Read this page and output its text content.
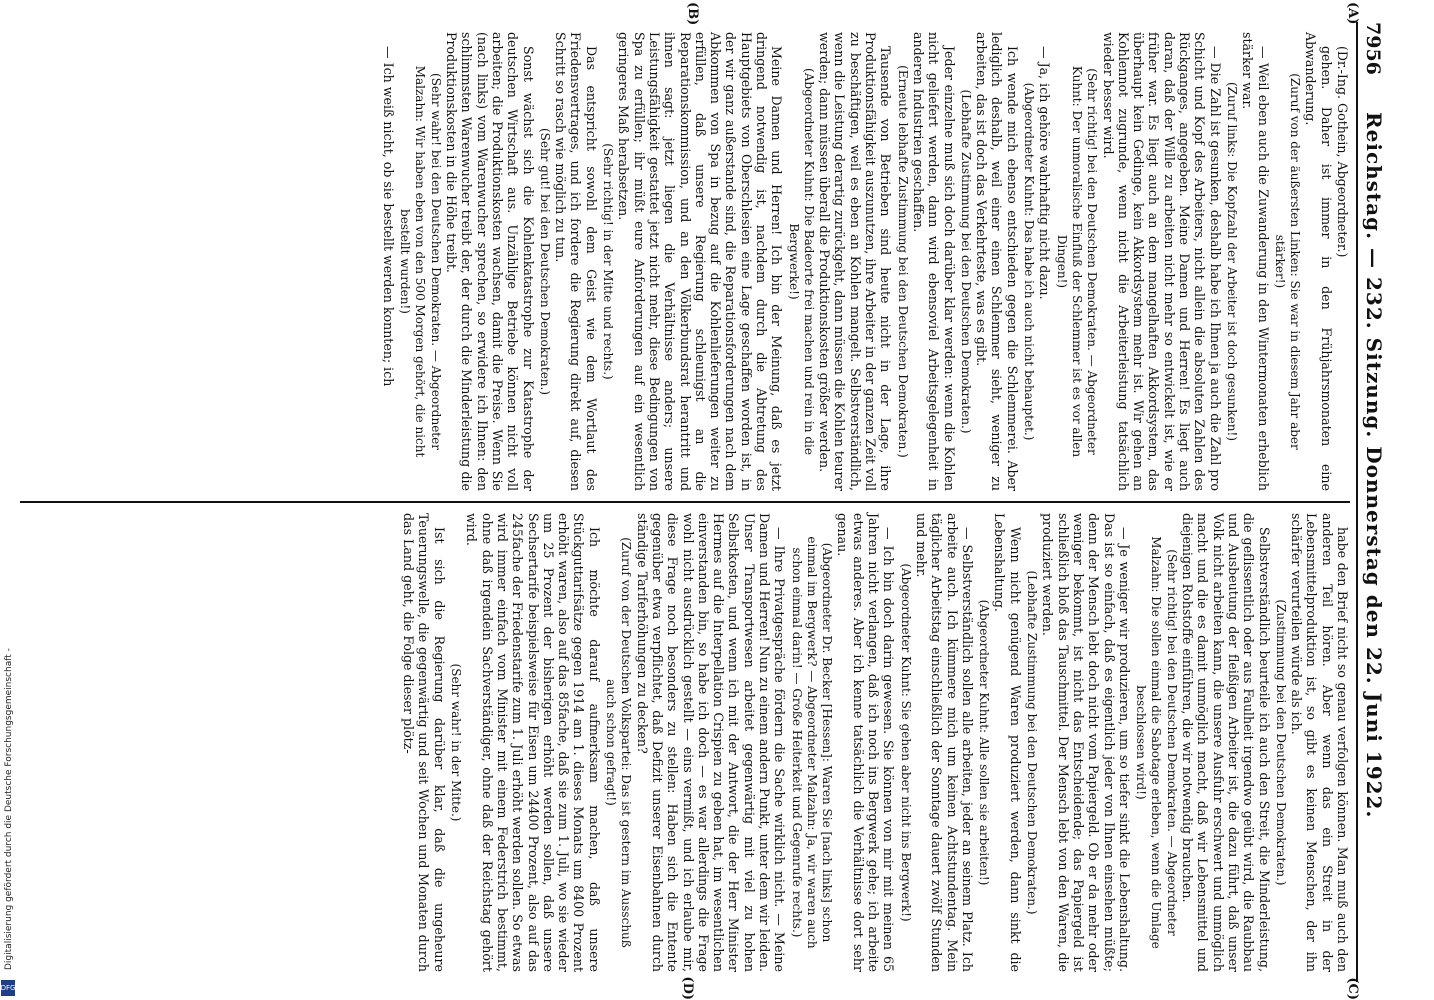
7956
Reichstag. — 232. Sitzung. Donnerstag den 22. Juni 1922.

(Dr.-Ing. Gothein, Abgeordneter.)

gehen. Daher ist immer in den Frühjahrsmonaten eine Abwanderung.

(Zuruf von der äußersten Linken: Sie war in diesem Jahr aber stärker!)

— Weil eben auch die Zuwanderung in den Wintermonaten erheblich stärker war.

(Zuruf links: Die Kopfzahl der Arbeiter ist doch gesunken!)

— Die Zahl ist gesunken, deshalb habe ich Ihnen ja auch die Zahl pro Schicht und Kopf des Arbeiters, nicht allein die absoluten Zahlen des Rückganges, angegeben. Meine Damen und Herren! Es liegt auch daran, daß der Wille zu arbeiten nicht mehr so entwickelt ist, wie er früher war. Es liegt auch an dem mangelhaften Akkordsystem, das überhaupt kein Gedinge, kein Akkordsystem mehr ist. Wir gehen an Kohlennot zugrunde, wenn nicht die Arbeiterleistung tatsächlich wieder besser wird.

(Sehr richtig! bei den Deutschen Demokraten. — Abgeordneter Kuhnt: Der unmoralische Einfluß der Schlemmer ist es vor allen Dingen!)

— Ja, ich gehöre wahrhaftig nicht dazu.

(Abgeordneter Kuhnt: Das habe ich auch nicht behauptet.)

Ich wende mich ebenso entschieden gegen die Schlemmerei. Aber lediglich deshalb, weil einer einen Schlemmer sieht, weniger zu arbeiten, das ist doch das Verkehrteste, was es gibt.

(Lebhafte Zustimmung bei den Deutschen Demokraten.)

Jeder einzelne muß sich doch darüber klar werden: wenn die Kohlen nicht geliefert werden, dann wird ebensoviel Arbeitsgelegenheit in anderen Industrien geschaffen.

(Erneute lebhafte Zustimmung bei den Deutschen Demokraten.)

Tausende von Betrieben sind heute nicht in der Lage, ihre Produktionsfähigkeit auszunutzen, ihre Arbeiter in der ganzen Zeit voll zu beschäftigen, weil es eben an Kohlen mangelt. Selbstverständlich, wenn die Leistung derartig zurückgeht, dann müssen die Kohlen teurer werden; dann müssen überall die Produktionskosten größer werden.

(Abgeordneter Kuhnt: Die Badeorte frei machen und rein in die Bergwerke!)

Meine Damen und Herren! Ich bin der Meinung, daß es jetzt dringend notwendig ist, nachdem durch die Abtretung des Hauptgebiets von Oberschlesien eine Lage geschaffen worden ist, in der wir ganz außerstande sind, die Reparationsforderungen nach dem Abkommen von Spa in bezug auf die Kohlenlieferungen weiter zu erfüllen, daß unsere Regierung schleunigst an die Reparationskommission, und an den Völkerbundsrat herantritt und ihnen sagt: jetzt liegen die Verhältnisse anders; unsere Leistungsfähigkeit gestattet jetzt nicht mehr, diese Bedingungen von Spa zu erfüllen; ihr müßt eure Anforderungen auf ein wesentlich geringeres Maß herabsetzen.

(Sehr richtig! in der Mitte und rechts.)

Das entspricht sowohl dem Geist wie dem Wortlaut des Friedensvertrages, und ich fordere die Regierung direkt auf, diesen Schritt so rasch wie möglich zu tun.

(Sehr gut! bei den Deutschen Demokraten.)

Sonst wächst sich die Kohlenkatastrophe zur Katastrophe der deutschen Wirtschaft aus. Unzählige Betriebe können nicht voll arbeiten; die Produktionskosten wachsen, damit die Preise. Wenn Sie (nach links) vom Warenwucher sprechen, so erwidere ich Ihnen: den schlimmsten Warenwucher treibt der, der durch die Minderleistung die Produktionskosten in die Höhe treibt.

(Sehr wahr! bei den Deutschen Demokraten. — Abgeordneter Malzahn: Wir haben eben von den 500 Morgen gehört, die nicht bestellt wurden!)

— Ich weiß nicht, ob sie bestellt werden konnten; ich

habe den Brief nicht so genau verfolgen können. Man muß auch den anderen Teil hören. Aber wenn das ein Streit in der Lebensmittelproduktion ist, so gibt es keinen Menschen, der ihn schärfer verurteilen würde als ich.

(Zustimmung bei den Deutschen Demokraten.)

Selbstverständlich beurteile ich auch den Streit, die Minderleistung, die geflissentlich oder aus Faulheit irgendwo geübt wird, die Raubbau und Ausbeutung der fleißigen Arbeiter ist, die dazu führt, daß unser Volk nicht arbeiten kann, die unsere Ausfuhr erschwert und unmöglich macht und die es damit unmöglich macht, daß wir Lebensmittel und diejenigen Rohstoffe einführen, die wir notwendig brauchen.

(Sehr richtig! bei den Deutschen Demokraten. — Abgeordneter Malzahn: Die sollen einmal die Sabotage erleben, wenn die Umlage beschlossen wird!)

— Je weniger wir produzieren, um so tiefer sinkt die Lebenshaltung. Das ist so einfach, daß es eigentlich jeder von Ihnen einsehen müßte; denn der Mensch lebt doch nicht vom Papiergeld. Ob er da mehr oder weniger bekommt, ist nicht das Entscheidende; das Papiergeld ist schließlich bloß das Tauschmittel. Der Mensch lebt von den Waren, die produziert werden.

(Lebhafte Zustimmung bei den Deutschen Demokraten.)

Wenn nicht genügend Waren produziert werden, dann sinkt die Lebenshaltung.

(Abgeordneter Kuhnt: Alle sollen sie arbeiten!)

— Selbstverständlich sollen alle arbeiten, jeder an seinem Platz. Ich arbeite auch. Ich kümmere mich um keinen Achtstundentag. Mein täglicher Arbeitstag einschließlich der Sonntage dauert zwölf Stunden und mehr.

(Abgeordneter Kuhnt: Sie gehen aber nicht ins Bergwerk!)

— Ich bin doch darin gewesen. Sie können von mir mit meinen 65 Jahren nicht verlangen, daß ich noch ins Bergwerk gehe; ich arbeite etwas anderes. Aber ich kenne tatsächlich die Verhältnisse dort sehr genau.

(Abgeordneter Dr. Becker [Hessen]: Waren Sie [nach links] schon einmal im Bergwerk? — Abgeordneter Malzahn: Ja, wir waren auch schon einmal darin! — Große Heiterkeit und Gegenrufe rechts.)

— Ihre Privatgespräche fördern die Sache wirklich nicht. — Meine Damen und Herren! Nun zu einem andern Punkt, unter dem wir leiden. Unser Transportwesen arbeitet gegenwärtig mit viel zu hohen Selbstkosten, und wenn ich mit der Antwort, die der Herr Minister Hermes auf die Interpellation Crispien zu geben hat, im wesentlichen einverstanden bin, so habe ich doch — es war allerdings die Frage wohl nicht ausdrücklich gestellt — eins vermißt, und ich erlaube mir, diese Frage noch besonders zu stellen: Haben sich die Entente gegenüber etwa verpflichtet, daß Defizit unserer Eisenbahnen durch ständige Tariferhöhungen zu decken?

(Zuruf von der Deutschen Volkspartei: Das ist gestern im Ausschuß auch schon gefragt!)

Ich möchte darauf aufmerksam machen, daß unsere Stückguttarifsätze gegen 1914 am 1. dieses Monats um 8400 Prozent erhöht waren, also auf das 85fache, daß sie zum 1. Juli, wo sie wieder um 25 Prozent der bisherigen erhöht werden sollen, daß unsere Sechsertarife beispielsweise für Eisen um 24400 Prozent, also auf das 245fache der Friedenstarife zum 1. Juli erhöht werden sollen. So etwas wird immer einfach vom Minister mit einem Federstrich bestimmt, ohne daß irgendein Sachverständiger, ohne daß der Reichstag gehört wird.

(Sehr wahr! in der Mitte.)

Ist sich die Regierung darüber klar, daß die ungeheure Teuerungswelle, die gegenwärtig und seit Wochen und Monaten durch das Land geht, die Folge dieser plötz-

(A)
(B)
(C)
(D)
Digitalisierung gefördert durch die Deutsche Forschungsgemeinschaft -
DFG
